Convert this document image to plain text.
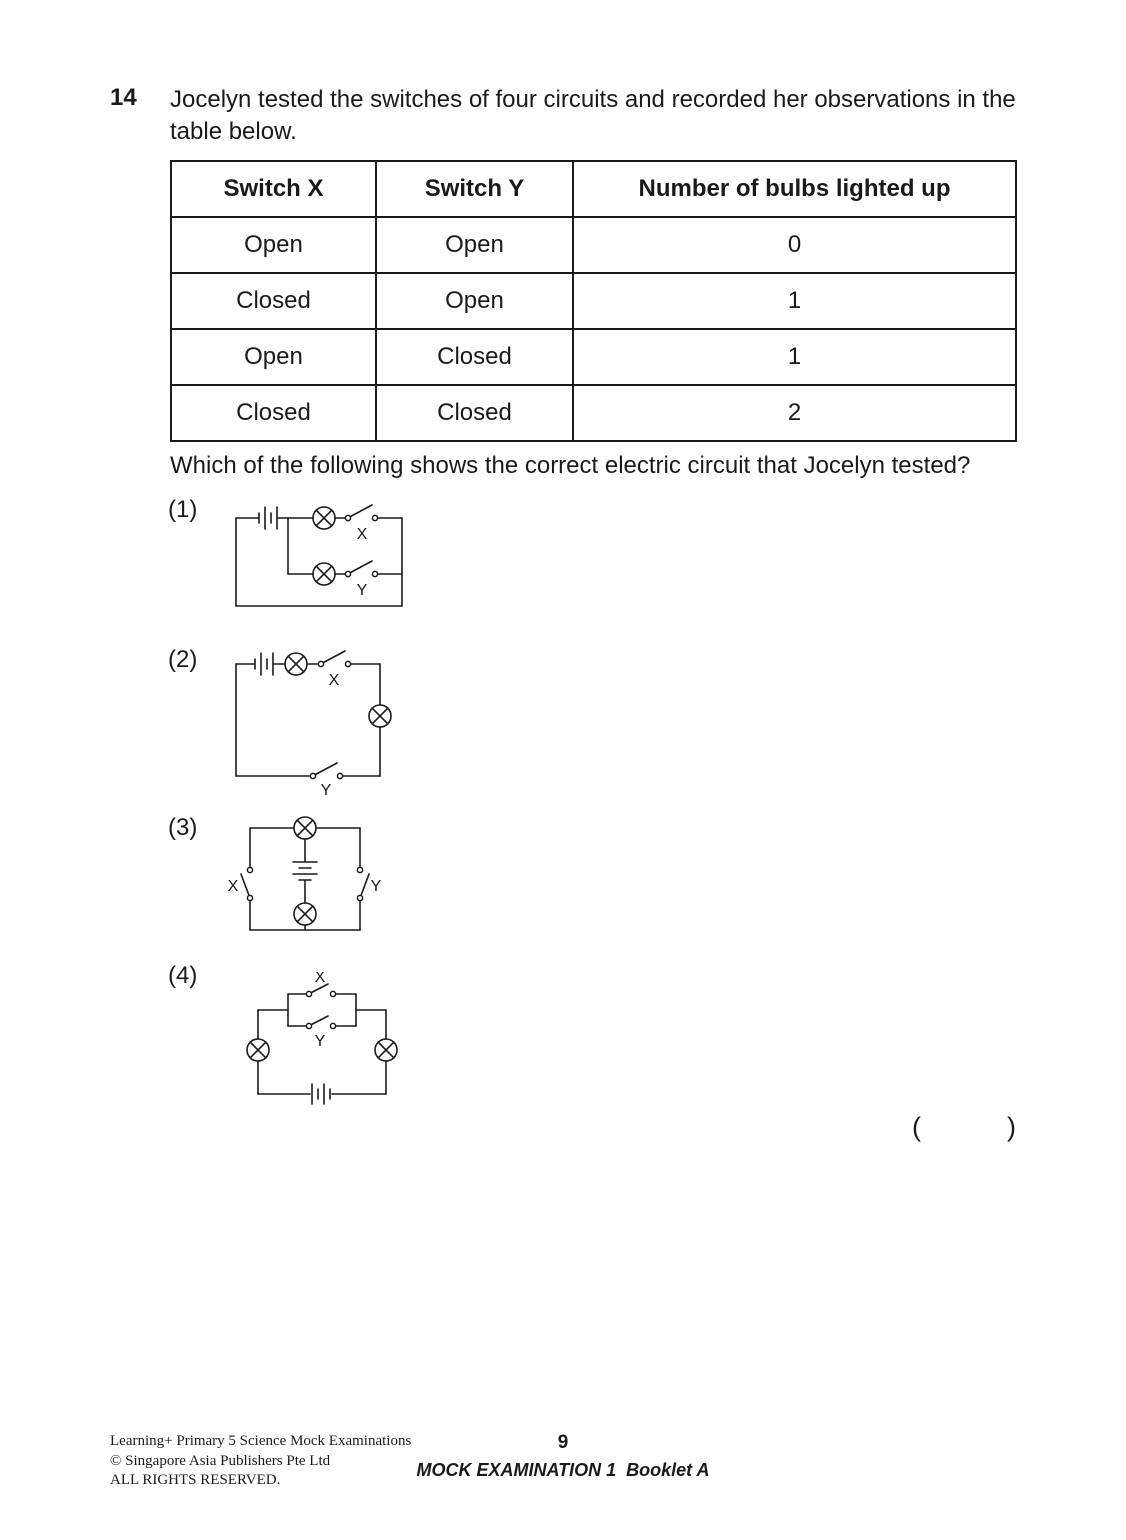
14 Jocelyn tested the switches of four circuits and recorded her observations in the table below.
Switch X	Switch Y	Number of bulbs lighted up
Open	Open	0
Closed	Open	1
Open	Closed	1
Closed	Closed	2
Which of the following shows the correct electric circuit that Jocelyn tested?
(1)
X
Y
(2)
X
Y
(3)
X	Y
(4)	X
Y
(	)
Learning+ Primary 5 Science Mock Examinations
© Singapore Asia Publishers Pte Ltd
ALL RIGHTS RESERVED.
9
MOCK EXAMINATION 1  Booklet A
